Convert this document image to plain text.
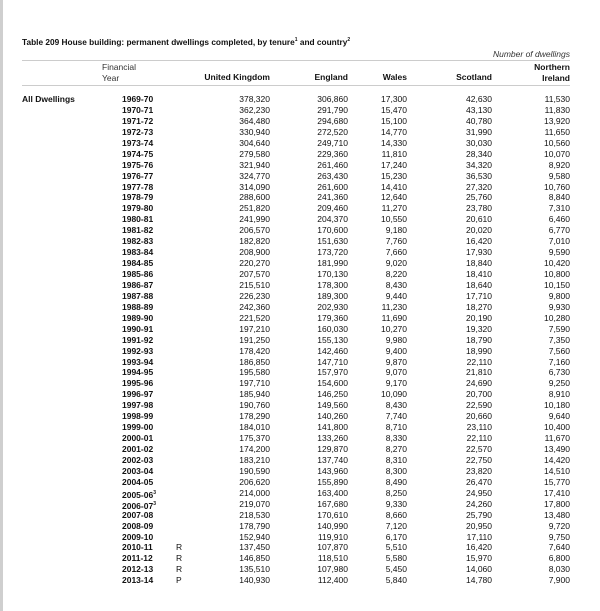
Table 209 House building: permanent dwellings completed, by tenure$^1$ and country$^2$
Number of dwellings
Financial
Year	United Kingdom	England	Wales	Scotland
Northern
Ireland
All Dwellings	1969-70	378,320	306,860	17,300	42,630	11,530
1970-71	362,230	291,790	15,470	43,130	11,830
1971-72	364,480	294,680	15,100	40,780	13,920
1972-73	330,940	272,520	14,770	31,990	11,650
1973-74	304,640	249,710	14,330	30,030	10,560
1974-75	279,580	229,360	11,810	28,340	10,070
1975-76	321,940	261,460	17,240	34,320	8,920
1976-77	324,770	263,430	15,230	36,530	9,580
1977-78	314,090	261,600	14,410	27,320	10,760
1978-79	288,600	241,360	12,640	25,760	8,840
1979-80	251,820	209,460	11,270	23,780	7,310
1980-81	241,990	204,370	10,550	20,610	6,460
1981-82	206,570	170,600	9,180	20,020	6,770
1982-83	182,820	151,630	7,760	16,420	7,010
1983-84	208,900	173,720	7,660	17,930	9,590
1984-85	220,270	181,990	9,020	18,840	10,420
1985-86	207,570	170,130	8,220	18,410	10,800
1986-87	215,510	178,300	8,430	18,640	10,150
1987-88	226,230	189,300	9,440	17,710	9,800
1988-89	242,360	202,930	11,230	18,270	9,930
1989-90	221,520	179,360	11,690	20,190	10,280
1990-91	197,210	160,030	10,270	19,320	7,590
1991-92	191,250	155,130	9,980	18,790	7,350
1992-93	178,420	142,460	9,400	18,990	7,560
1993-94	186,850	147,710	9,870	22,110	7,160
1994-95	195,580	157,970	9,070	21,810	6,730
1995-96	197,710	154,600	9,170	24,690	9,250
1996-97	185,940	146,250	10,090	20,700	8,910
1997-98	190,760	149,560	8,430	22,590	10,180
1998-99	178,290	140,260	7,740	20,660	9,640
1999-00	184,010	141,800	8,710	23,110	10,400
2000-01	175,370	133,260	8,330	22,110	11,670
2001-02	174,200	129,870	8,270	22,570	13,490
2002-03	183,210	137,740	8,310	22,750	14,420
2003-04	190,590	143,960	8,300	23,820	14,510
2004-05	206,620	155,890	8,490	26,470	15,770
$2005-06^3$	214,000	163,400	8,250	24,950	17,410
$2006-07^3$	219,070	167,680	9,330	24,260	17,800
2007-08	218,530	170,610	8,660	25,790	13,480
2008-09	178,790	140,990	7,120	20,950	9,720
2009-10	152,940	119,910	6,170	17,110	9,750
2010-11	R	137,450	107,870	5,510	16,420	7,640
2011-12	R	146,850	118,510	5,580	15,970	6,800
2012-13	R	135,510	107,980	5,450	14,060	8,030
2013-14	P	140,930	112,400	5,840	14,780	7,900
